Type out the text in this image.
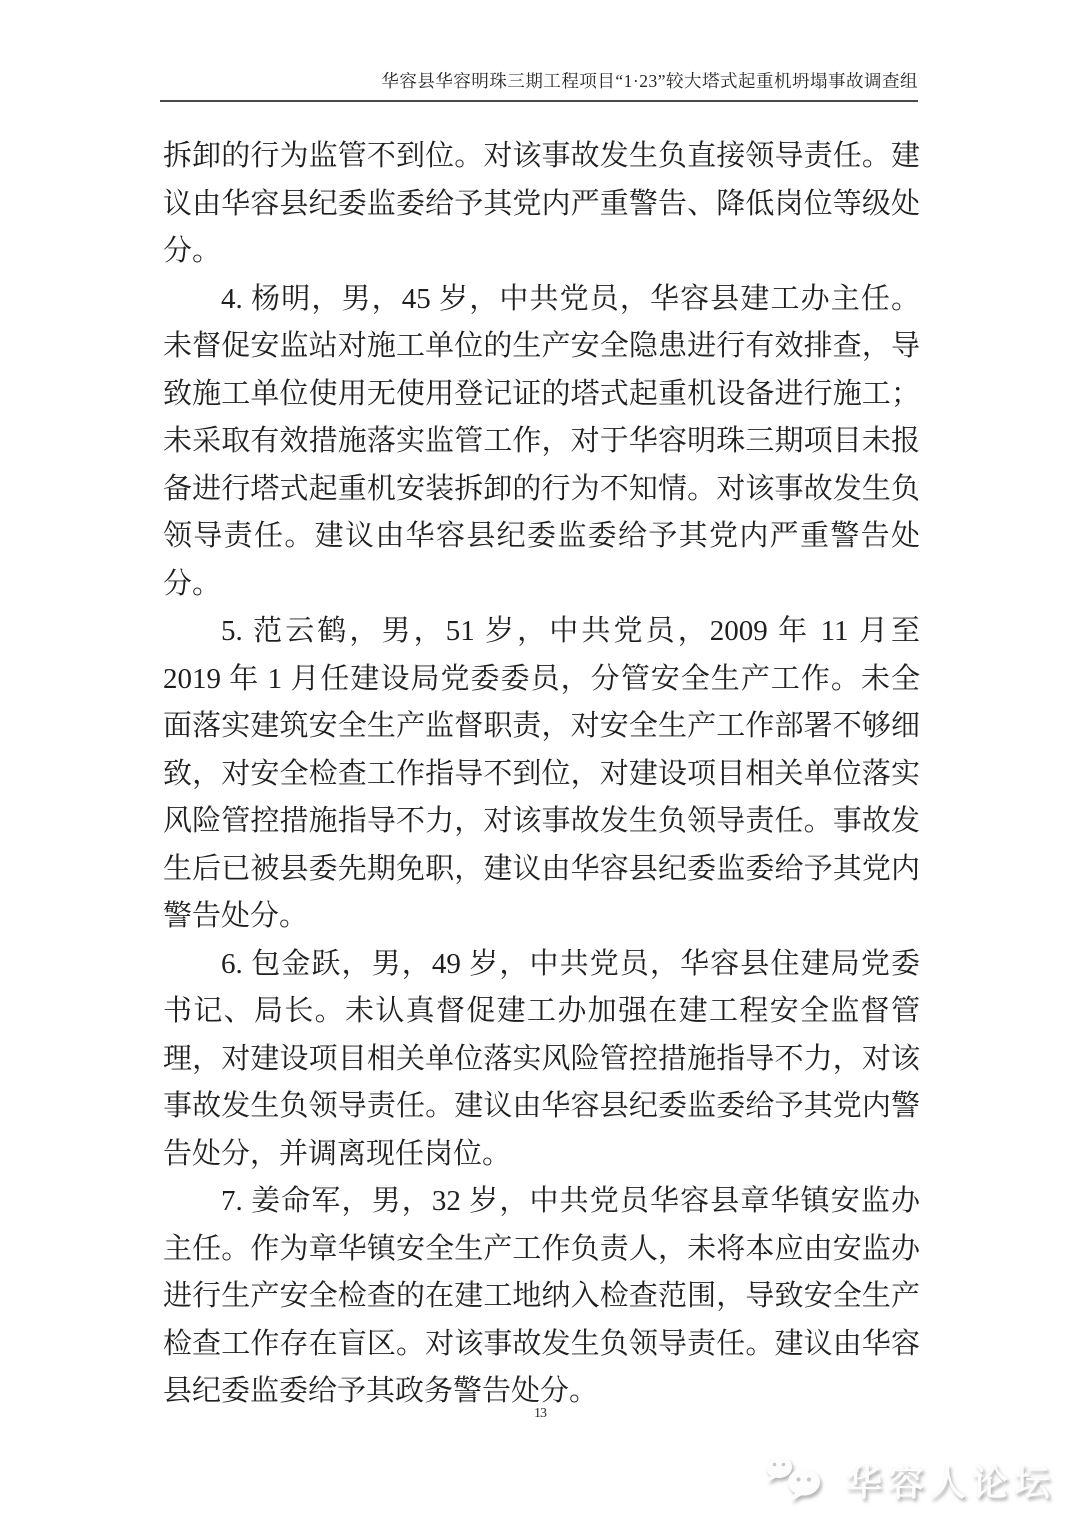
华容县华容明珠三期工程项目“1·23”较大塔式起重机坍塌事故调查组

拆卸的行为监管不到位。对该事故发生负直接领导责任。建议由华容县纪委监委给予其党内严重警告、降低岗位等级处分。

4. 杨明，男，45 岁，中共党员，华容县建工办主任。未督促安监站对施工单位的生产安全隐患进行有效排查，导致施工单位使用无使用登记证的塔式起重机设备进行施工；未采取有效措施落实监管工作，对于华容明珠三期项目未报备进行塔式起重机安装拆卸的行为不知情。对该事故发生负领导责任。建议由华容县纪委监委给予其党内严重警告处分。

5. 范云鹤，男，51 岁，中共党员，2009 年 11 月至 2019 年 1 月任建设局党委委员，分管安全生产工作。未全面落实建筑安全生产监督职责，对安全生产工作部署不够细致，对安全检查工作指导不到位，对建设项目相关单位落实风险管控措施指导不力，对该事故发生负领导责任。事故发生后已被县委先期免职，建议由华容县纪委监委给予其党内警告处分。

6. 包金跃，男，49 岁，中共党员，华容县住建局党委书记、局长。未认真督促建工办加强在建工程安全监督管理，对建设项目相关单位落实风险管控措施指导不力，对该事故发生负领导责任。建议由华容县纪委监委给予其党内警告处分，并调离现任岗位。

7. 姜命军，男，32 岁，中共党员华容县章华镇安监办主任。作为章华镇安全生产工作负责人，未将本应由安监办进行生产安全检查的在建工地纳入检查范围，导致安全生产检查工作存在盲区。对该事故发生负领导责任。建议由华容县纪委监委给予其政务警告处分。

13
华容人论坛
